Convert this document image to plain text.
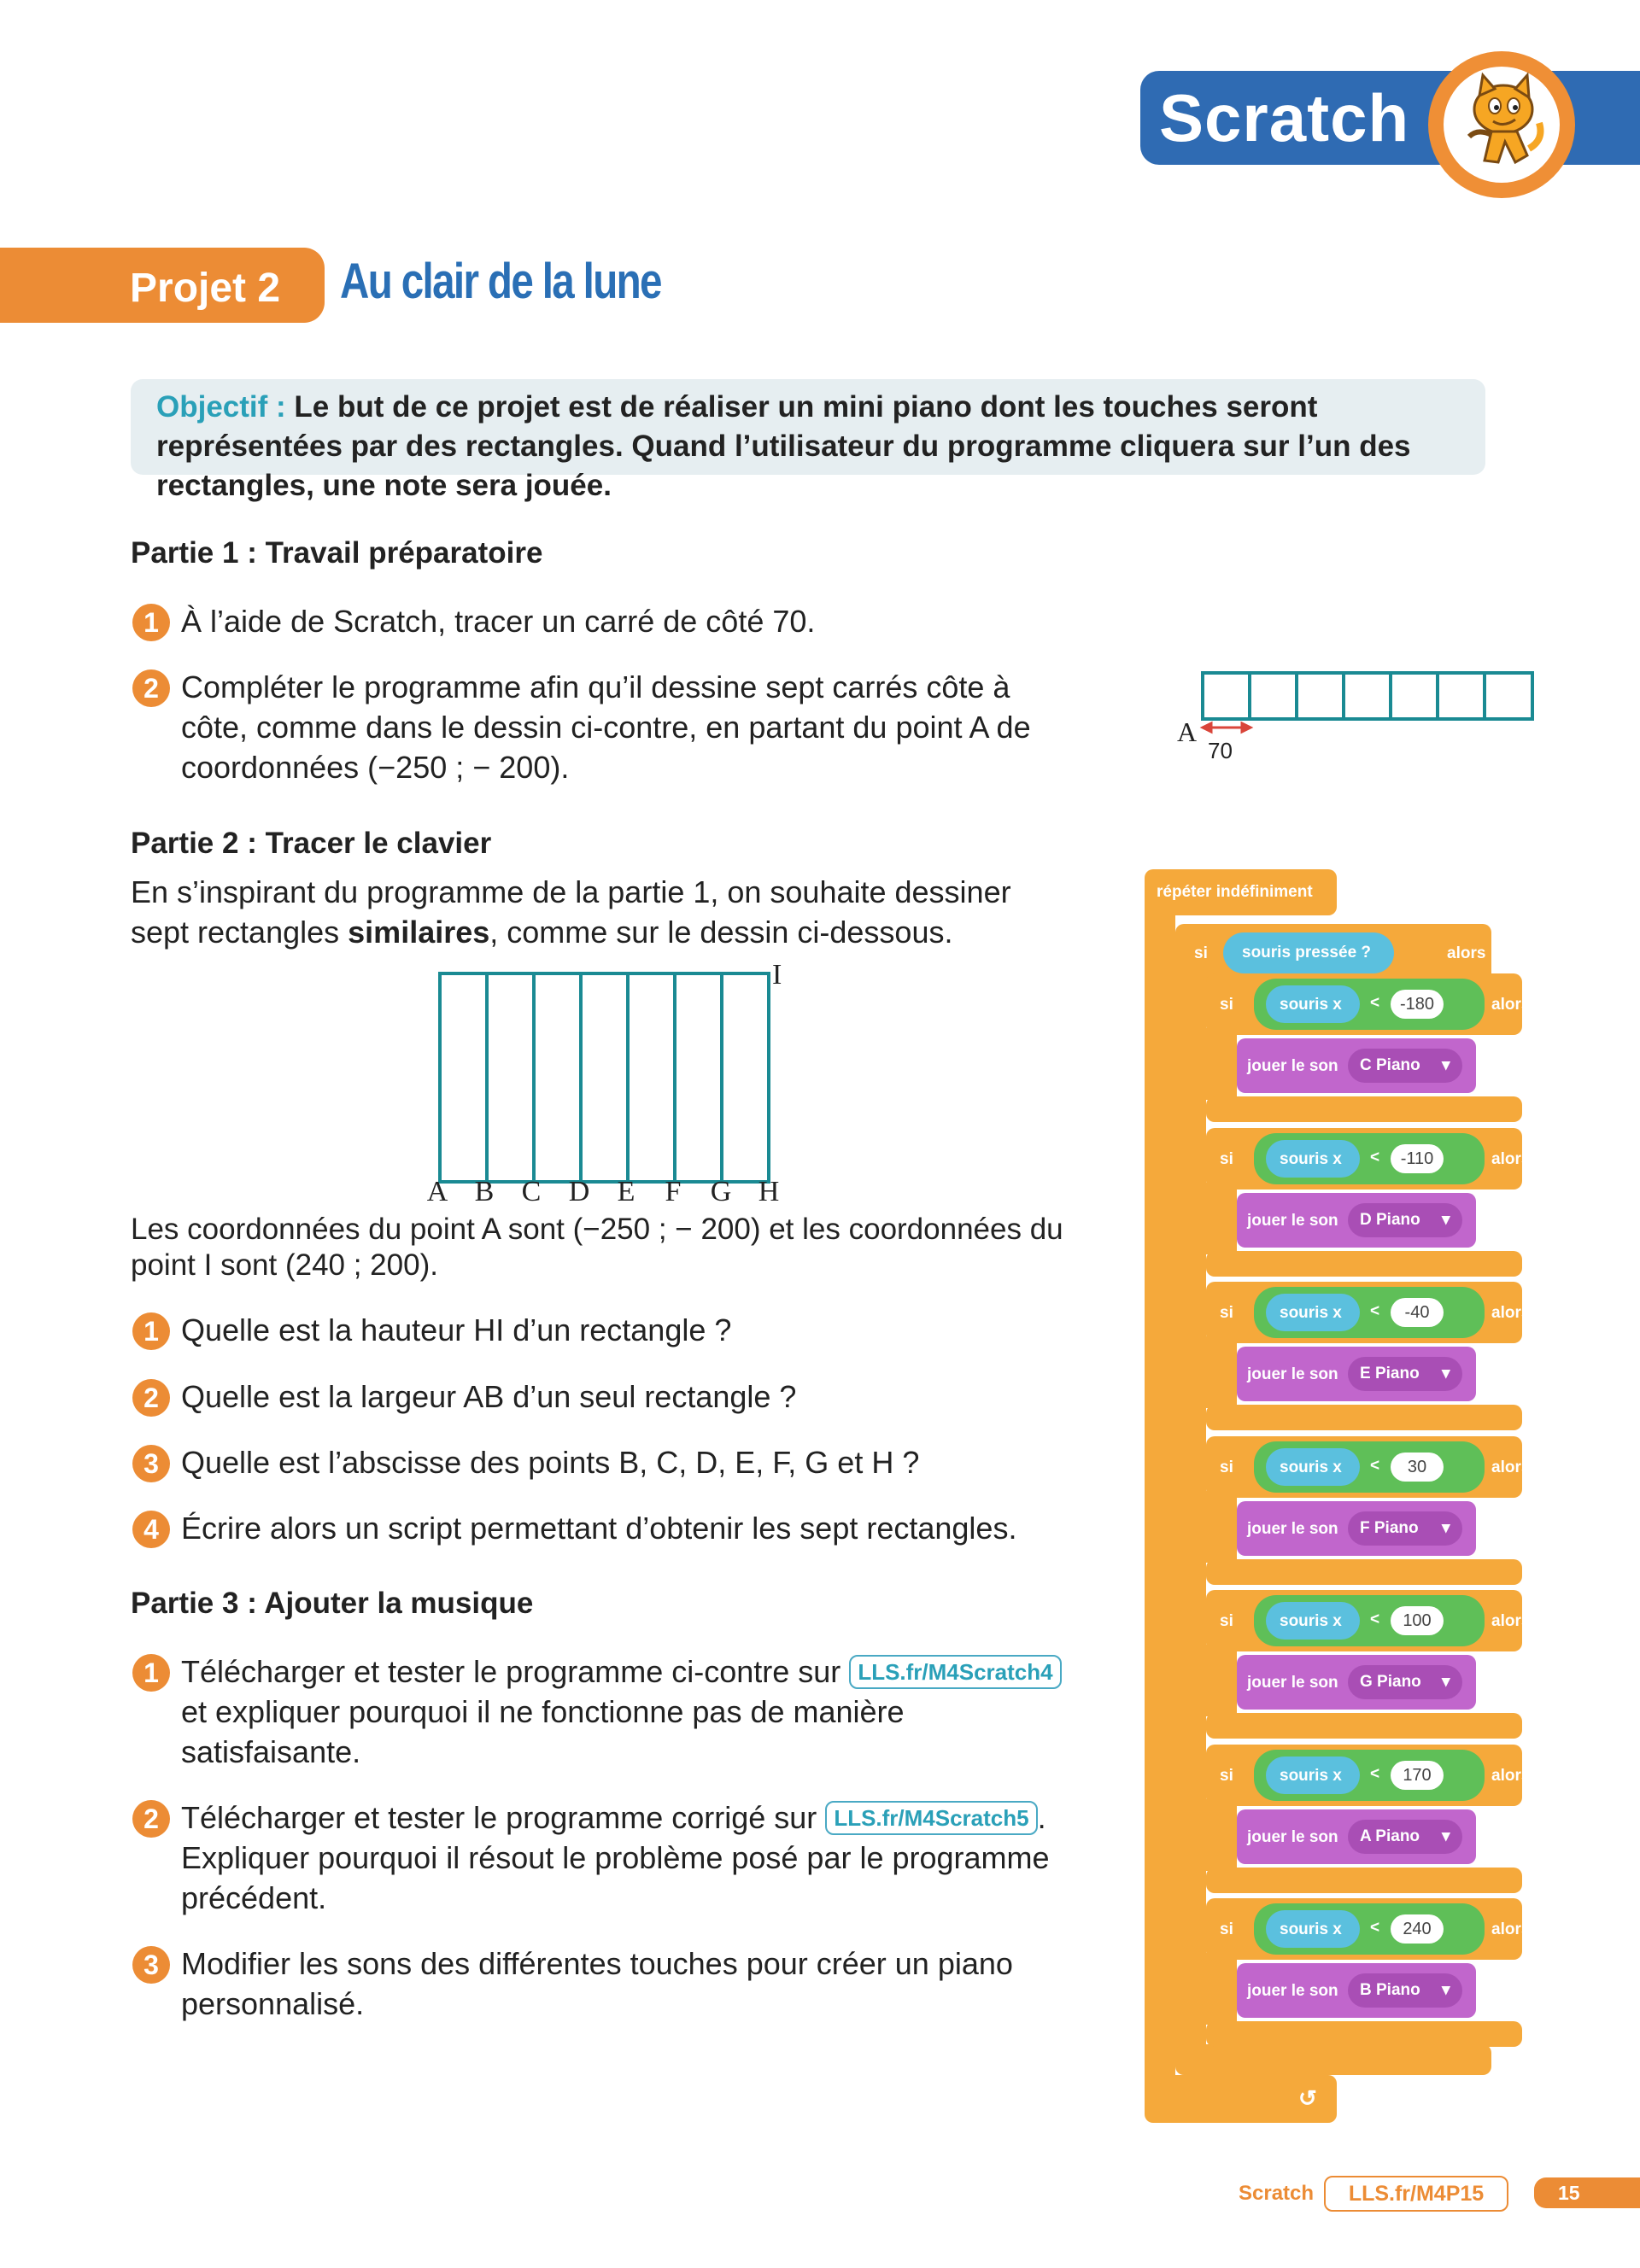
Scratch
Projet 2 Au clair de la lune
Objectif : Le but de ce projet est de réaliser un mini piano dont les touches seront représentées par des rectangles. Quand l’utilisateur du programme cliquera sur l’un des rectangles, une note sera jouée.
Partie 1 : Travail préparatoire
1 À l’aide de Scratch, tracer un carré de côté 70.
2 Compléter le programme afin qu’il dessine sept carrés côte à
côte, comme dans le dessin ci-contre, en partant du point A de
coordonnées (−250 ; − 200).
A
70
Partie 2 : Tracer le clavier
En s’inspirant du programme de la partie 1, on souhaite dessiner
sept rectangles similaires, comme sur le dessin ci-dessous.
I
A B C D E F G H
Les coordonnées du point A sont (−250 ; − 200) et les coordonnées du
point I sont (240 ; 200).
1 Quelle est la hauteur HI d’un rectangle ?
2 Quelle est la largeur AB d’un seul rectangle ?
3 Quelle est l’abscisse des points B, C, D, E, F, G et H ?
4 Écrire alors un script permettant d’obtenir les sept rectangles.
Partie 3 : Ajouter la musique
1 Télécharger et tester le programme ci-contre sur LLS.fr/M4Scratch4
et expliquer pourquoi il ne fonctionne pas de manière
satisfaisante.
2 Télécharger et tester le programme corrigé sur LLS.fr/M4Scratch5 .
Expliquer pourquoi il résout le problème posé par le programme
précédent.
3 Modifier les sons des différentes touches pour créer un piano
personnalisé.
répéter indéfiniment
↺
si souris pressée ?	alors
si	souris x <	-180	alors
jouer le son C Piano ▾
si	souris x <	-110	alors
jouer le son D Piano ▾
si	souris x <	-40	alors
jouer le son E Piano ▾
si	souris x <	30	alors
jouer le son F Piano ▾
si	souris x <	100	alors
jouer le son G Piano ▾
si	souris x <	170	alors
jouer le son A Piano ▾
si	souris x <	240	alors
jouer le son B Piano ▾
Scratch	LLS.fr/M4P15	15
